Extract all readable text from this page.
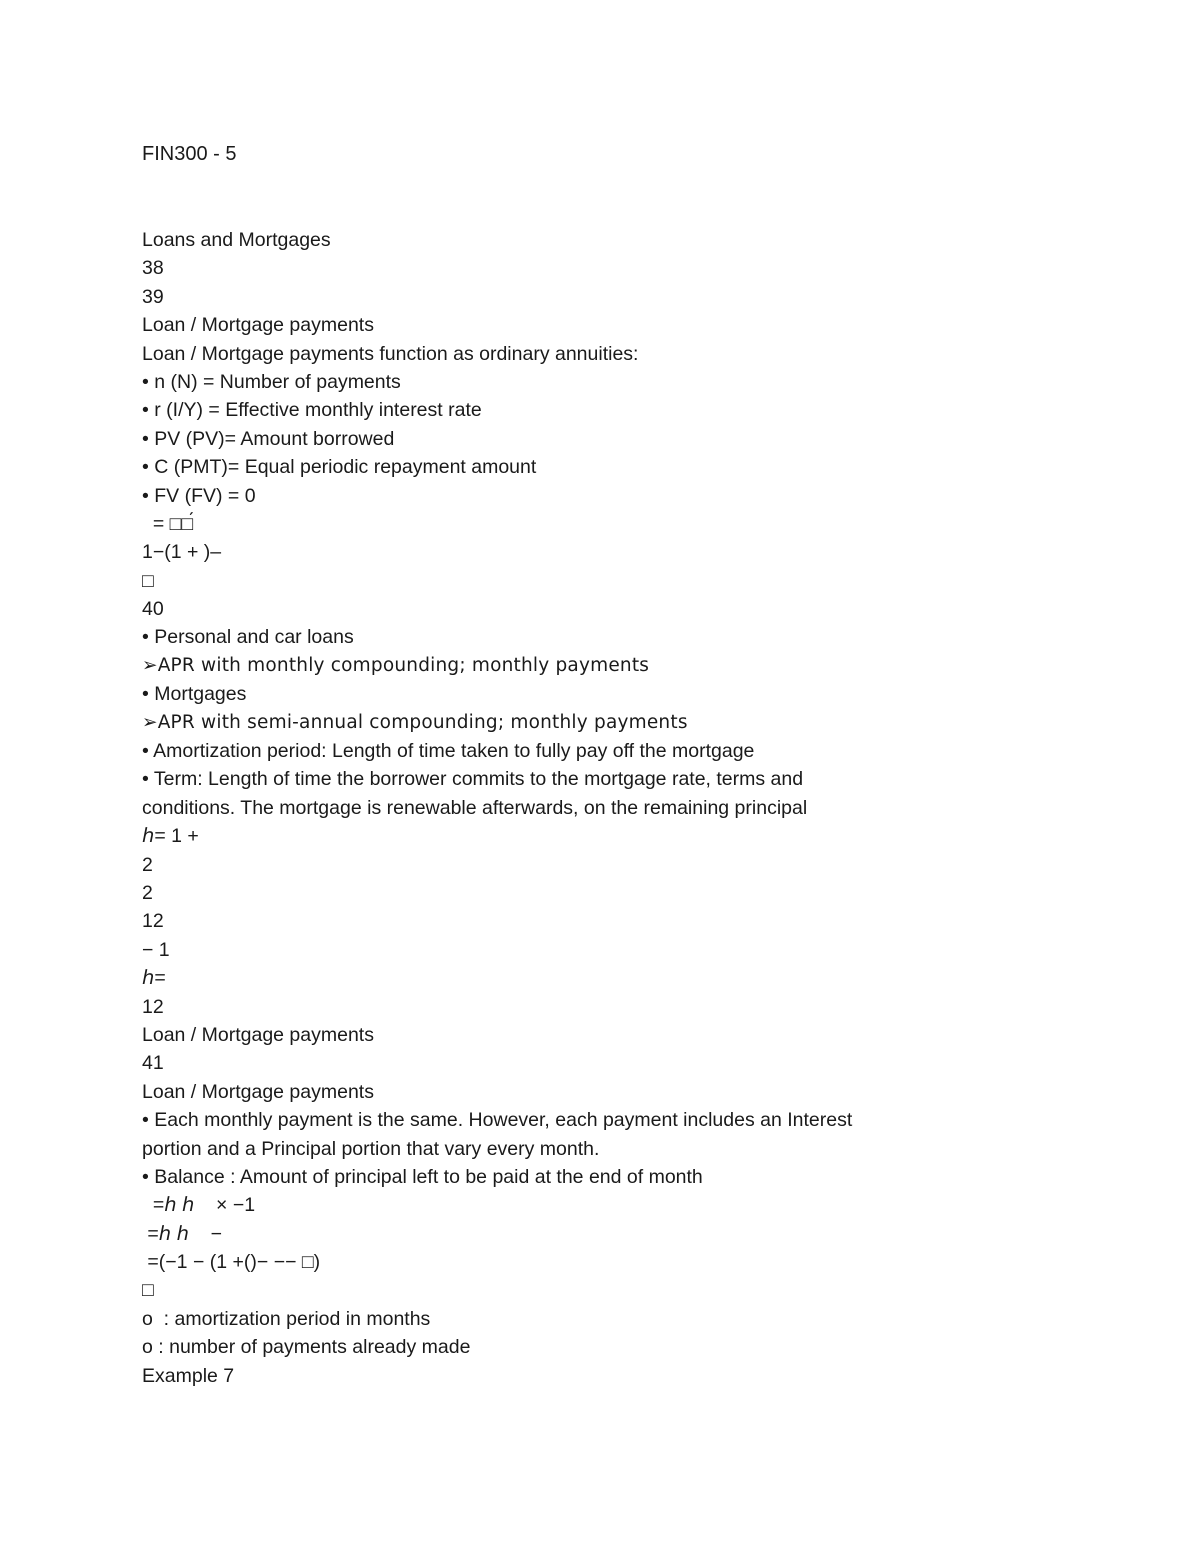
FIN300 - 5
Loans and Mortgages
38
39
Loan / Mortgage payments
Loan / Mortgage payments function as ordinary annuities:
• n (N) = Number of payments
• r (I/Y) = Effective monthly interest rate
• PV (PV)= Amount borrowed
• C (PMT)= Equal periodic repayment amount
• FV (FV) = 0
= □□́
1−(1 + )–
□
40
• Personal and car loans
➢APR with monthly compounding; monthly payments
• Mortgages
➢APR with semi-annual compounding; monthly payments
• Amortization period: Length of time taken to fully pay off the mortgage
• Term: Length of time the borrower commits to the mortgage rate, terms and
conditions. The mortgage is renewable afterwards, on the remaining principal
ℎ= 1 +
2
2
12
− 1
ℎ=
12
Loan / Mortgage payments
41
Loan / Mortgage payments
• Each monthly payment is the same. However, each payment includes an Interest
portion and a Principal portion that vary every month.
• Balance : Amount of principal left to be paid at the end of month
=ℎ ℎ    × −1
=ℎ ℎ    −
=(−1 − (1 +()− −− □)
□
o  : amortization period in months
o : number of payments already made
Example 7
